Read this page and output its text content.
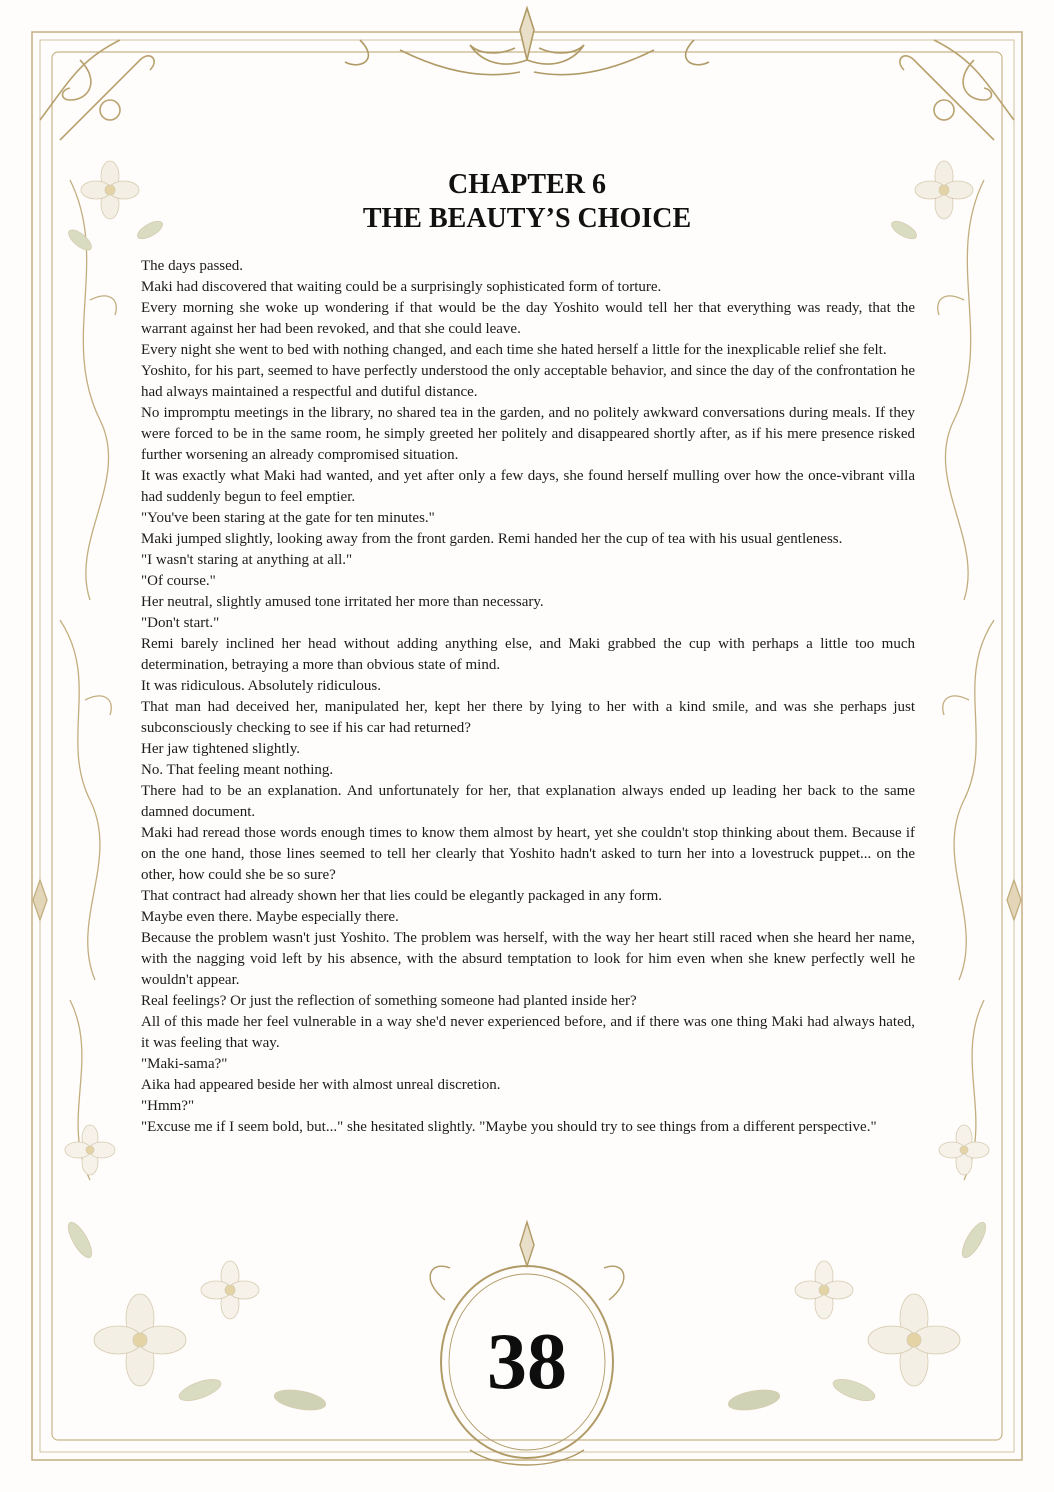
CHAPTER 6
THE BEAUTY’S CHOICE

The days passed.

Maki had discovered that waiting could be a surprisingly sophisticated form of torture.

Every morning she woke up wondering if that would be the day Yoshito would tell her that everything was ready, that the warrant against her had been revoked, and that she could leave.

Every night she went to bed with nothing changed, and each time she hated herself a little for the inexplicable relief she felt.

Yoshito, for his part, seemed to have perfectly understood the only acceptable behavior, and since the day of the confrontation he had always maintained a respectful and dutiful distance.

No impromptu meetings in the library, no shared tea in the garden, and no politely awkward conversations during meals. If they were forced to be in the same room, he simply greeted her politely and disappeared shortly after, as if his mere presence risked further worsening an already compromised situation.

It was exactly what Maki had wanted, and yet after only a few days, she found herself mulling over how the once-vibrant villa had suddenly begun to feel emptier.

"You've been staring at the gate for ten minutes."

Maki jumped slightly, looking away from the front garden. Remi handed her the cup of tea with his usual gentleness.

"I wasn't staring at anything at all."

"Of course."

Her neutral, slightly amused tone irritated her more than necessary.

"Don't start."

Remi barely inclined her head without adding anything else, and Maki grabbed the cup with perhaps a little too much determination, betraying a more than obvious state of mind.

It was ridiculous. Absolutely ridiculous.

That man had deceived her, manipulated her, kept her there by lying to her with a kind smile, and was she perhaps just subconsciously checking to see if his car had returned?

Her jaw tightened slightly.

No. That feeling meant nothing.

There had to be an explanation. And unfortunately for her, that explanation always ended up leading her back to the same damned document.

Maki had reread those words enough times to know them almost by heart, yet she couldn't stop thinking about them. Because if on the one hand, those lines seemed to tell her clearly that Yoshito hadn't asked to turn her into a lovestruck puppet... on the other, how could she be so sure?

That contract had already shown her that lies could be elegantly packaged in any form.

Maybe even there. Maybe especially there.

Because the problem wasn't just Yoshito. The problem was herself, with the way her heart still raced when she heard her name, with the nagging void left by his absence, with the absurd temptation to look for him even when she knew perfectly well he wouldn't appear.

Real feelings? Or just the reflection of something someone had planted inside her?

All of this made her feel vulnerable in a way she'd never experienced before, and if there was one thing Maki had always hated, it was feeling that way.

"Maki-sama?"

Aika had appeared beside her with almost unreal discretion.

"Hmm?"

"Excuse me if I seem bold, but..." she hesitated slightly. "Maybe you should try to see things from a different perspective."

38
